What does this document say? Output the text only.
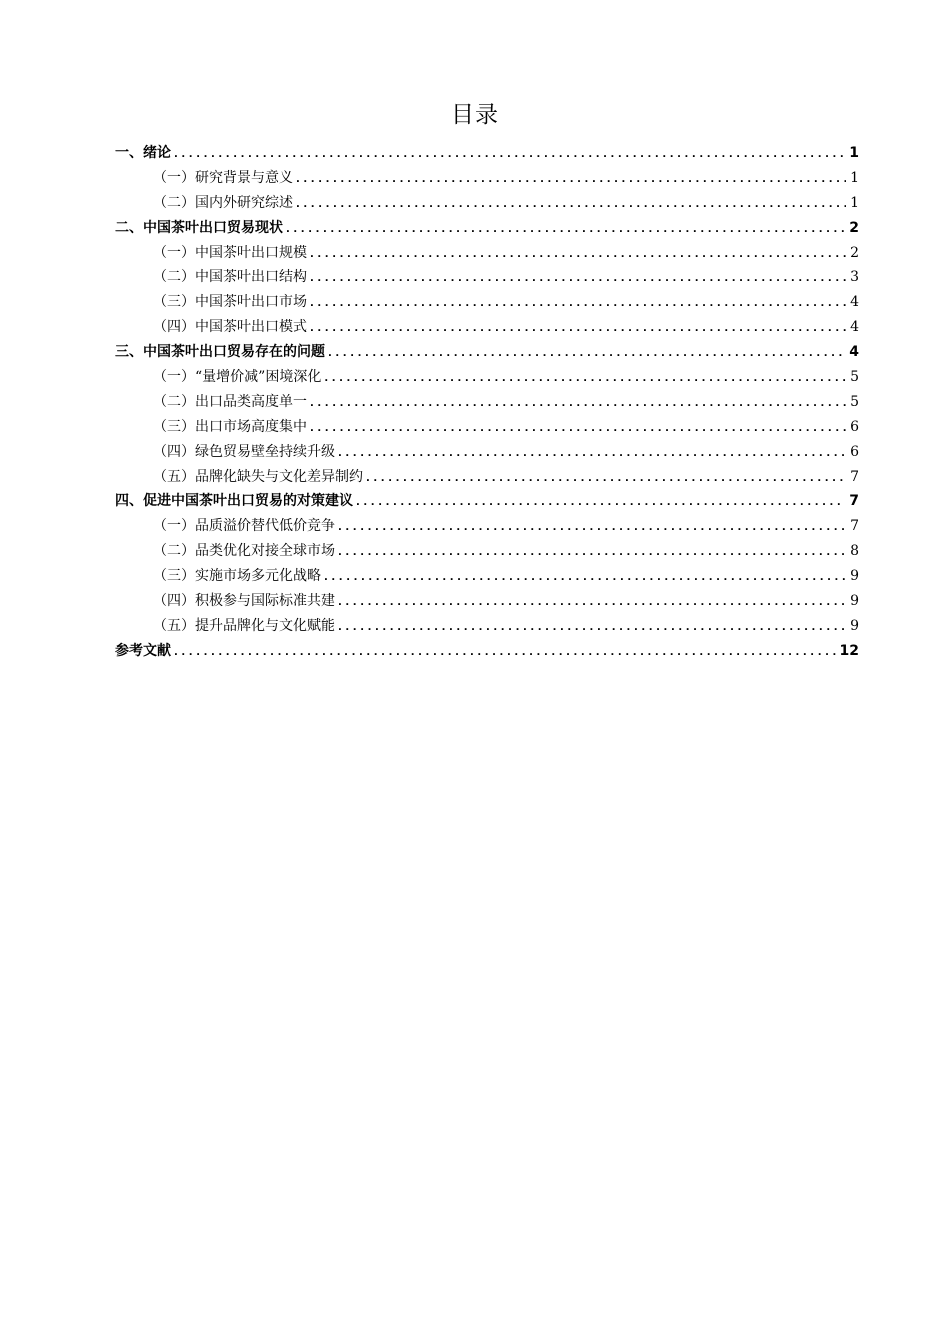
目录
一、绪论 .....	1
（一）研究背景与意义 .....	1
（二）国内外研究综述 .....	1
二、中国茶叶出口贸易现状 .....	2
（一）中国茶叶出口规模 .....	2
（二）中国茶叶出口结构 .....	3
（三）中国茶叶出口市场 .....	4
（四）中国茶叶出口模式 .....	4
三、中国茶叶出口贸易存在的问题 .....	4
（一）“量增价减”困境深化 .....	5
（二）出口品类高度单一 .....	5
（三）出口市场高度集中 .....	6
（四）绿色贸易壁垒持续升级 .....	6
（五）品牌化缺失与文化差异制约 .....	7
四、促进中国茶叶出口贸易的对策建议 .....	7
（一）品质溢价替代低价竞争 .....	7
（二）品类优化对接全球市场 .....	8
（三）实施市场多元化战略 .....	9
（四）积极参与国际标准共建 .....	9
（五）提升品牌化与文化赋能 .....	9
参考文献 .....	12
